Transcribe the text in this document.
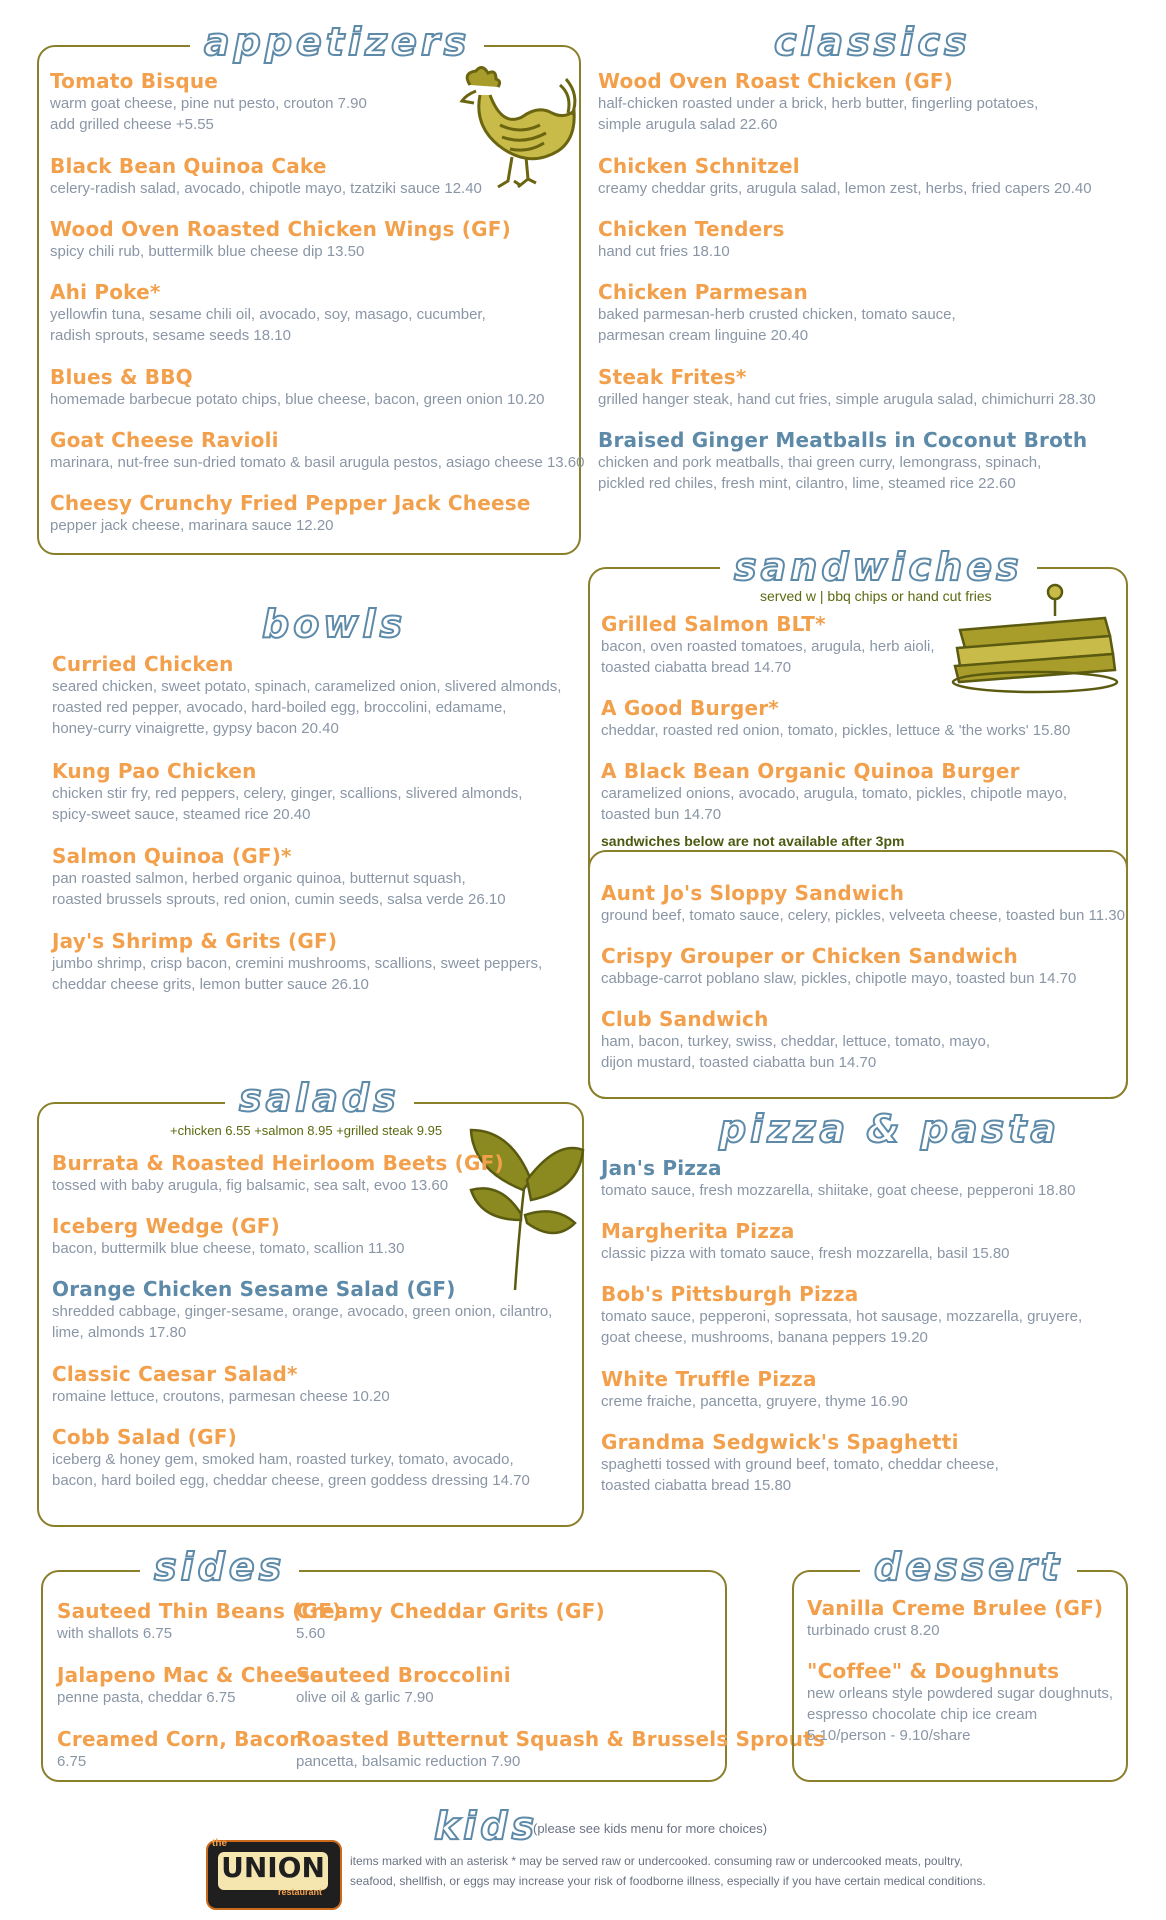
appetizers
Tomato Bisque
warm goat cheese, pine nut pesto, crouton 7.90
add grilled cheese +5.55
Black Bean Quinoa Cake
celery-radish salad, avocado, chipotle mayo, tzatziki sauce 12.40
Wood Oven Roasted Chicken Wings (GF)
spicy chili rub, buttermilk blue cheese dip 13.50
Ahi Poke*
yellowfin tuna, sesame chili oil, avocado, soy, masago, cucumber,
radish sprouts, sesame seeds 18.10
Blues & BBQ
homemade barbecue potato chips, blue cheese, bacon, green onion 10.20
Goat Cheese Ravioli
marinara, nut-free sun-dried tomato & basil arugula pestos, asiago cheese 13.60
Cheesy Crunchy Fried Pepper Jack Cheese
pepper jack cheese, marinara sauce 12.20
classics
Wood Oven Roast Chicken (GF)
half-chicken roasted under a brick, herb butter, fingerling potatoes,
simple arugula salad 22.60
Chicken Schnitzel
creamy cheddar grits, arugula salad, lemon zest, herbs, fried capers 20.40
Chicken Tenders
hand cut fries 18.10
Chicken Parmesan
baked parmesan-herb crusted chicken, tomato sauce,
parmesan cream linguine 20.40
Steak Frites*
grilled hanger steak, hand cut fries, simple arugula salad, chimichurri 28.30
Braised Ginger Meatballs in Coconut Broth
chicken and pork meatballs, thai green curry, lemongrass, spinach,
pickled red chiles, fresh mint, cilantro, lime, steamed rice 22.60
bowls
Curried Chicken
seared chicken, sweet potato, spinach, caramelized onion, slivered almonds,
roasted red pepper, avocado, hard-boiled egg, broccolini, edamame,
honey-curry vinaigrette, gypsy bacon 20.40
Kung Pao Chicken
chicken stir fry, red peppers, celery, ginger, scallions, slivered almonds,
spicy-sweet sauce, steamed rice 20.40
Salmon Quinoa (GF)*
pan roasted salmon, herbed organic quinoa, butternut squash,
roasted brussels sprouts, red onion, cumin seeds, salsa verde 26.10
Jay's Shrimp & Grits (GF)
jumbo shrimp, crisp bacon, cremini mushrooms, scallions, sweet peppers,
cheddar cheese grits, lemon butter sauce 26.10
sandwiches
served w | bbq chips or hand cut fries
Grilled Salmon BLT*
bacon, oven roasted tomatoes, arugula, herb aioli,
toasted ciabatta bread 14.70
A Good Burger*
cheddar, roasted red onion, tomato, pickles, lettuce & 'the works' 15.80
A Black Bean Organic Quinoa Burger
caramelized onions, avocado, arugula, tomato, pickles, chipotle mayo,
toasted bun 14.70
sandwiches below are not available after 3pm
Aunt Jo's Sloppy Sandwich
ground beef, tomato sauce, celery, pickles, velveeta cheese, toasted bun 11.30
Crispy Grouper or Chicken Sandwich
cabbage-carrot poblano slaw, pickles, chipotle mayo, toasted bun 14.70
Club Sandwich
ham, bacon, turkey, swiss, cheddar, lettuce, tomato, mayo,
dijon mustard, toasted ciabatta bun 14.70
salads
+chicken 6.55 +salmon 8.95 +grilled steak 9.95
Burrata & Roasted Heirloom Beets (GF)
tossed with baby arugula, fig balsamic, sea salt, evoo 13.60
Iceberg Wedge (GF)
bacon, buttermilk blue cheese, tomato, scallion 11.30
Orange Chicken Sesame Salad (GF)
shredded cabbage, ginger-sesame, orange, avocado, green onion, cilantro,
lime, almonds 17.80
Classic Caesar Salad*
romaine lettuce, croutons, parmesan cheese 10.20
Cobb Salad (GF)
iceberg & honey gem, smoked ham, roasted turkey, tomato, avocado,
bacon, hard boiled egg, cheddar cheese, green goddess dressing 14.70
pizza & pasta
Jan's Pizza
tomato sauce, fresh mozzarella, shiitake, goat cheese, pepperoni 18.80
Margherita Pizza
classic pizza with tomato sauce, fresh mozzarella, basil 15.80
Bob's Pittsburgh Pizza
tomato sauce, pepperoni, sopressata, hot sausage, mozzarella, gruyere,
goat cheese, mushrooms, banana peppers 19.20
White Truffle Pizza
creme fraiche, pancetta, gruyere, thyme 16.90
Grandma Sedgwick's Spaghetti
spaghetti tossed with ground beef, tomato, cheddar cheese,
toasted ciabatta bread 15.80
sides
Sauteed Thin Beans (GF)
with shallots 6.75
Jalapeno Mac & Cheese
penne pasta, cheddar 6.75
Creamed Corn, Bacon
6.75
Creamy Cheddar Grits (GF)
5.60
Sauteed Broccolini
olive oil & garlic 7.90
Roasted Butternut Squash & Brussels Sprouts
pancetta, balsamic reduction 7.90
dessert
Vanilla Creme Brulee (GF)
turbinado crust 8.20
"Coffee" & Doughnuts
new orleans style powdered sugar doughnuts,
espresso chocolate chip ice cream
5.10/person - 9.10/share
kids
(please see kids menu for more choices)
the
UNION
restaurant
items marked with an asterisk * may be served raw or undercooked. consuming raw or undercooked meats, poultry,
seafood, shellfish, or eggs may increase your risk of foodborne illness, especially if you have certain medical conditions.
